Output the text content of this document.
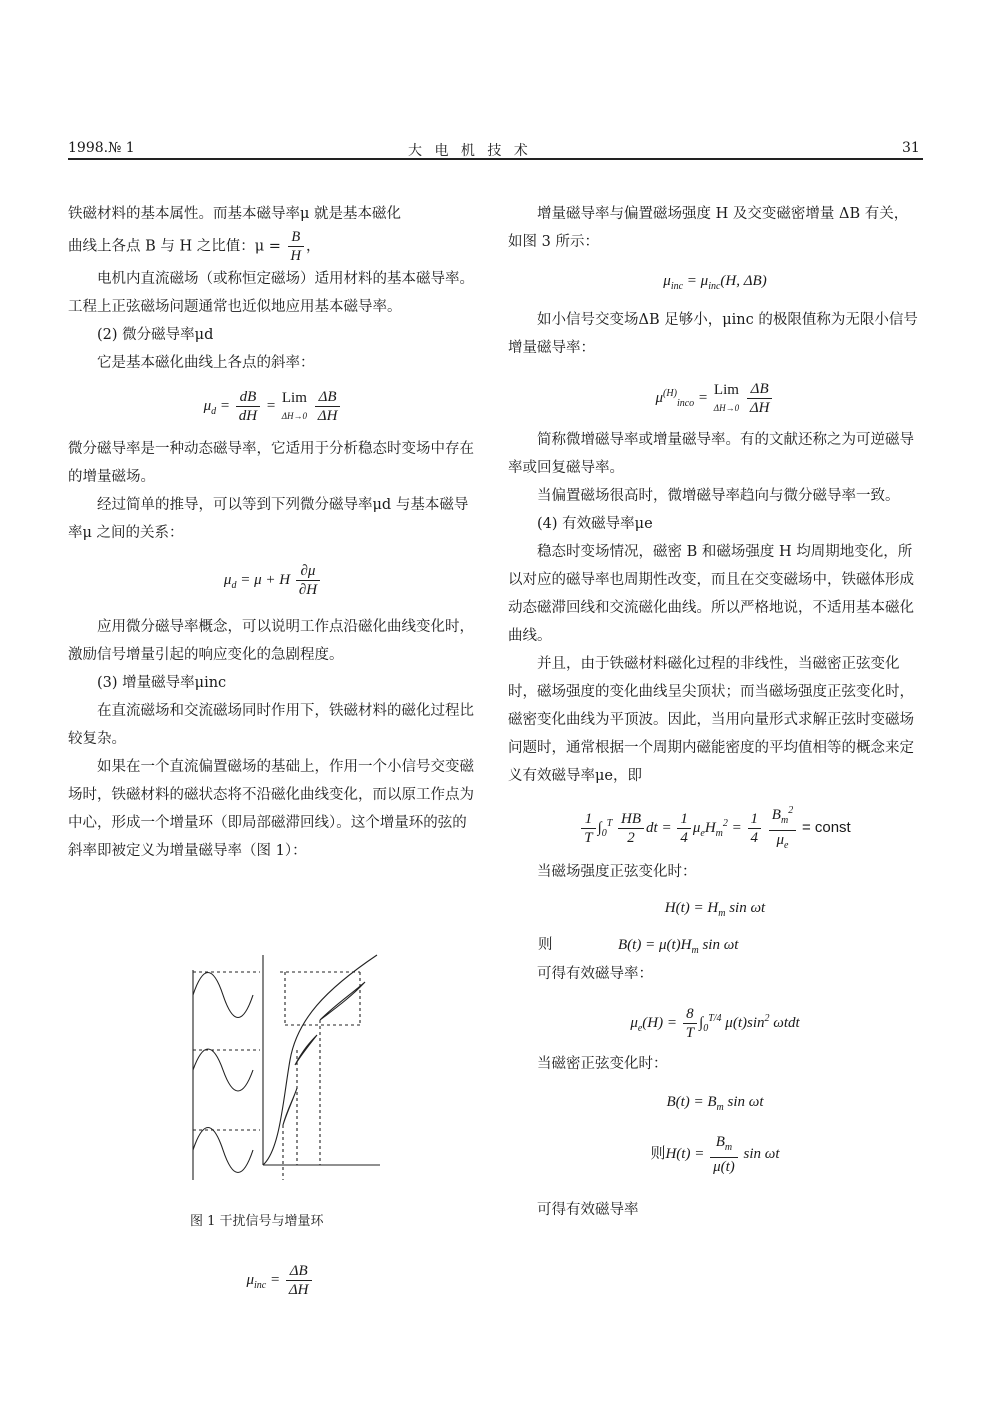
1998.№ 1	大 电 机 技 术	31

铁磁材料的基本属性。而基本磁导率μ 就是基本磁化

曲线上各点 B 与 H 之比值：$\mu = \frac{B}{H}$ ，

电机内直流磁场（或称恒定磁场）适用材料的基本磁导率。工程上正弦磁场问题通常也近似地应用基本磁导率。

(2) 微分磁导率μd

它是基本磁化曲线上各点的斜率：

$\mu_d = \frac{dB}{dH}$ = Lim
ΔH→0
$\frac{\Delta B}{\Delta H}$

微分磁导率是一种动态磁导率，它适用于分析稳态时变场中存在的增量磁场。

经过简单的推导，可以等到下列微分磁导率μd 与基本磁导率μ 之间的关系：

$\mu_d = \mu + H \frac{\partial\mu}{\partial H}$

应用微分磁导率概念，可以说明工作点沿磁化曲线变化时，激励信号增量引起的响应变化的急剧程度。

(3) 增量磁导率μinc

在直流磁场和交流磁场同时作用下，铁磁材料的磁化过程比较复杂。

如果在一个直流偏置磁场的基础上，作用一个小信号交变磁场时，铁磁材料的磁状态将不沿磁化曲线变化，而以原工作点为中心，形成一个增量环（即局部磁滞回线）。这个增量环的弦的斜率即被定义为增量磁导率（图 1）：

图 1 干扰信号与增量环
$\mu_{inc} = \frac{\Delta B}{\Delta H}$

增量磁导率与偏置磁场强度 H 及交变磁密增量 ΔB 有关，如图 3 所示：

$\mu_{inc} = \mu_{inc}(H$, ΔB)

如小信号交变场ΔB 足够小，μinc 的极限值称为无限小信号增量磁导率：

$\mu^{(H)}_{inco}$ = Lim
ΔH→0
$\frac{\Delta B}{\Delta H}$

简称微增磁导率或增量磁导率。有的文献还称之为可逆磁导率或回复磁导率。

当偏置磁场很高时，微增磁导率趋向与微分磁导率一致。

(4) 有效磁导率μe

稳态时变场情况，磁密 B 和磁场强度 H 均周期地变化，所以对应的磁导率也周期性改变，而且在交变磁场中，铁磁体形成动态磁滞回线和交流磁化曲线。所以严格地说，不适用基本磁化曲线。

并且，由于铁磁材料磁化过程的非线性，当磁密正弦变化时，磁场强度的变化曲线呈尖顶状；而当磁场强度正弦变化时，磁密变化曲线为平顶波。因此，当用向量形式求解正弦时变磁场问题时，通常根据一个周期内磁能密度的平均值相等的概念来定义有效磁导率μe，即

$\frac{1}{T} \int_0^T \frac{HB}{2}$ dt = $\frac{1}{4} \mu_eH_m^2 = \frac{1}{4}$
$\frac{B_m^2}{\mu_e}$ = const

当磁场强度正弦变化时：

$H(t) = H_m$ sin ωt
则	$B(t) = \mu(t)H_m$ sin ωt

可得有效磁导率：

$\mu_e(H) = \frac{8}{T} \int_0^{T/4}$ $\mu(t)\sin^2$ ωtdt

当磁密正弦变化时：

$B(t) = B_m$ sin ωt
则$H(t) = \frac{B_m}{\mu(t)}$ sin ωt

可得有效磁导率
